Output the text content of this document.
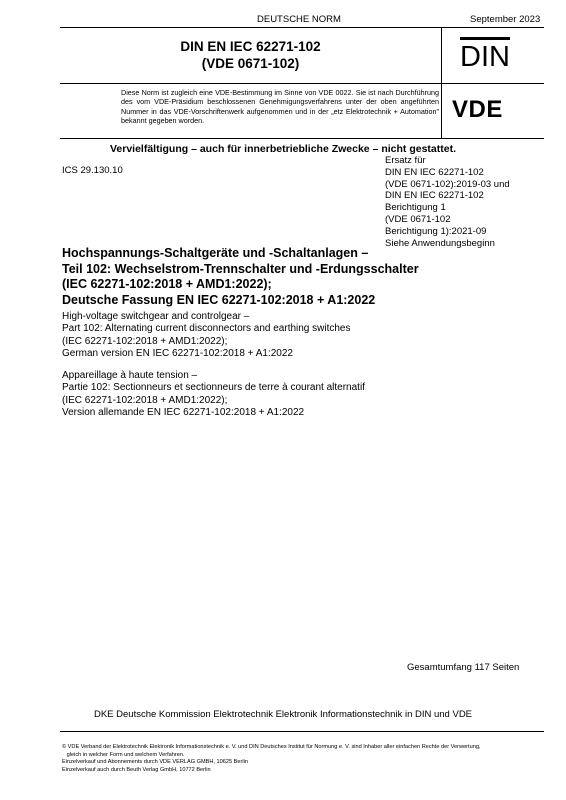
DEUTSCHE NORM	September 2023
DIN EN IEC 62271-102
(VDE 0671-102)	DIN
Diese Norm ist zugleich eine VDE-Bestimmung im Sinne von VDE 0022. Sie ist nach Durchführung des vom VDE-Präsidium beschlossenen Genehmigungsverfahrens unter der oben angeführten Nummer in das VDE-Vorschriftenwerk aufgenommen und in der „etz Elektrotechnik + Automation" bekannt gegeben worden.	VDE
Vervielfältigung – auch für innerbetriebliche Zwecke – nicht gestattet.
ICS 29.130.10
Ersatz für
DIN EN IEC 62271-102
(VDE 0671-102):2019-03 und
DIN EN IEC 62271-102
Berichtigung 1
(VDE 0671-102
Berichtigung 1):2021-09
Siehe Anwendungsbeginn
Hochspannungs-Schaltgeräte und -Schaltanlagen –
Teil 102: Wechselstrom-Trennschalter und -Erdungsschalter
(IEC 62271-102:2018 + AMD1:2022);
Deutsche Fassung EN IEC 62271-102:2018 + A1:2022
High-voltage switchgear and controlgear –
Part 102: Alternating current disconnectors and earthing switches
(IEC 62271-102:2018 + AMD1:2022);
German version EN IEC 62271-102:2018 + A1:2022
Appareillage à haute tension –
Partie 102: Sectionneurs et sectionneurs de terre à courant alternatif
(IEC 62271-102:2018 + AMD1:2022);
Version allemande EN IEC 62271-102:2018 + A1:2022
Gesamtumfang 117 Seiten
DKE Deutsche Kommission Elektrotechnik Elektronik Informationstechnik in DIN und VDE
© VDE Verband der Elektrotechnik Elektronik Informationstechnik e. V. und DIN Deutsches Institut für Normung e. V. sind Inhaber aller einfachen Rechte der Verwertung,
gleich in welcher Form und welchem Verfahren.
Einzelverkauf und Abonnements durch VDE VERLAG GMBH, 10625 Berlin
Einzelverkauf auch durch Beuth Verlag GmbH, 10772 Berlin
